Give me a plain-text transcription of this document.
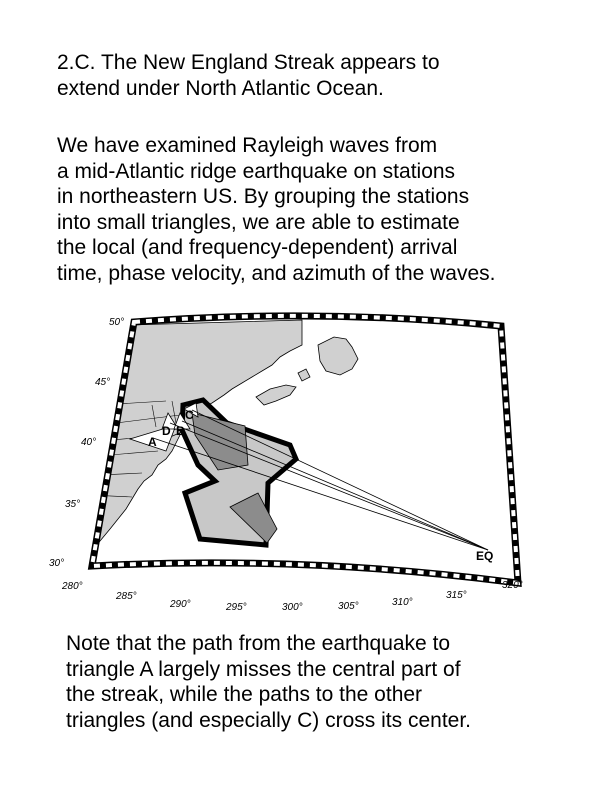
2.C. The New England Streak appears to
extend under North Atlantic Ocean.
We have examined Rayleigh waves from
a mid-Atlantic ridge earthquake on stations
in northeastern US. By grouping the stations
into small triangles, we are able to estimate
the local (and frequency-dependent) arrival
time, phase velocity, and azimuth of the waves.
50°
45°
40°
35°
30°
280°
285°
290°	295°	300°	305°	310°
315°
320°
A
D B
C
EQ
Note that the path from the earthquake to
triangle A largely misses the central part of
the streak, while the paths to the other
triangles (and especially C) cross its center.
